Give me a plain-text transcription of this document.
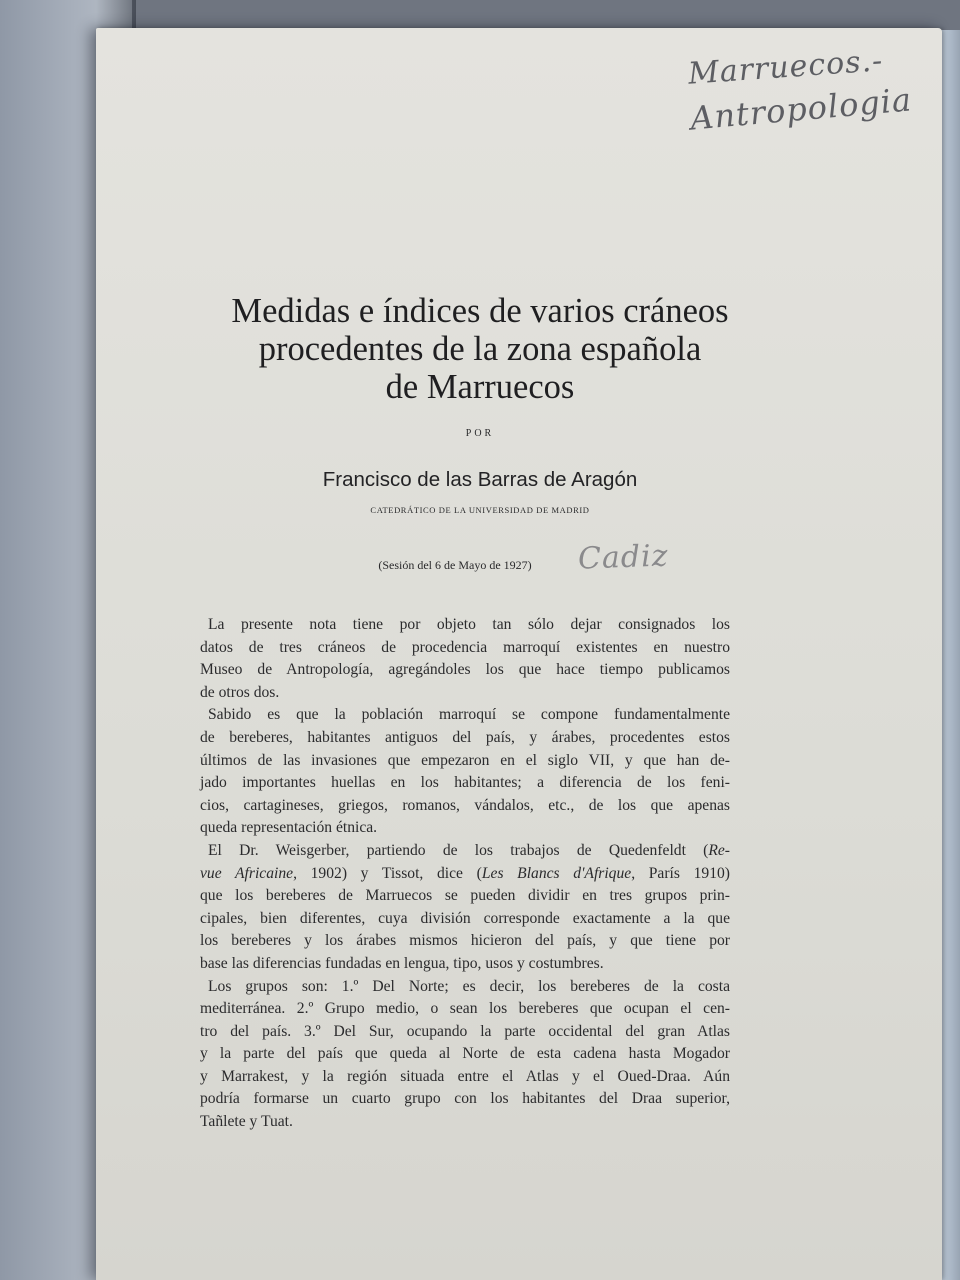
Marruecos.-
Antropologia
Medidas e índices de varios cráneos
procedentes de la zona española
de Marruecos
POR
Francisco de las Barras de Aragón
CATEDRÁTICO DE LA UNIVERSIDAD DE MADRID
(Sesión del 6 de Mayo de 1927)	Cadiz
La presente nota tiene por objeto tan sólo dejar consignados los
datos de tres cráneos de procedencia marroquí existentes en nuestro
Museo de Antropología, agregándoles los que hace tiempo publicamos
de otros dos.
Sabido es que la población marroquí se compone fundamentalmente
de bereberes, habitantes antiguos del país, y árabes, procedentes estos
últimos de las invasiones que empezaron en el siglo VII, y que han de-
jado importantes huellas en los habitantes; a diferencia de los feni-
cios, cartagineses, griegos, romanos, vándalos, etc., de los que apenas
queda representación étnica.
El Dr. Weisgerber, partiendo de los trabajos de Quedenfeldt (Re-
vue Africaine, 1902) y Tissot, dice (Les Blancs d'Afrique, París 1910)
que los bereberes de Marruecos se pueden dividir en tres grupos prin-
cipales, bien diferentes, cuya división corresponde exactamente a la que
los bereberes y los árabes mismos hicieron del país, y que tiene por
base las diferencias fundadas en lengua, tipo, usos y costumbres.
Los grupos son: 1.º Del Norte; es decir, los bereberes de la costa
mediterránea. 2.º Grupo medio, o sean los bereberes que ocupan el cen-
tro del país. 3.º Del Sur, ocupando la parte occidental del gran Atlas
y la parte del país que queda al Norte de esta cadena hasta Mogador
y Marrakest, y la región situada entre el Atlas y el Oued-Draa. Aún
podría formarse un cuarto grupo con los habitantes del Draa superior,
Tañlete y Tuat.
